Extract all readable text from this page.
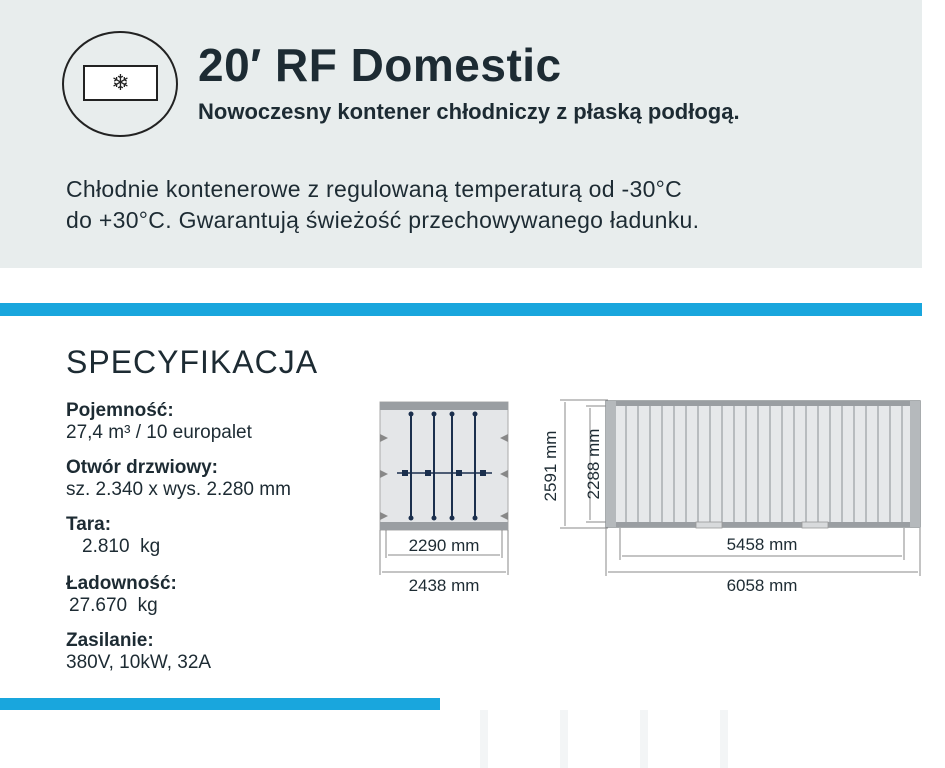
❄	20′ RF Domestic
Nowoczesny kontener chłodniczy z płaską podłogą.
Chłodnie kontenerowe z regulowaną temperaturą od -30°C
do +30°C. Gwarantują świeżość przechowywanego ładunku.
SPECYFIKACJA
Pojemność:
27,4 m³ / 10 europalet
Otwór drzwiowy:
sz. 2.340 x wys. 2.280 mm
Tara:
2.810  kg
Ładowność:
27.670  kg
Zasilanie:
380V, 10kW, 32A
2290 mm
2438 mm
2591 mm 2288 mm
5458 mm
6058 mm
